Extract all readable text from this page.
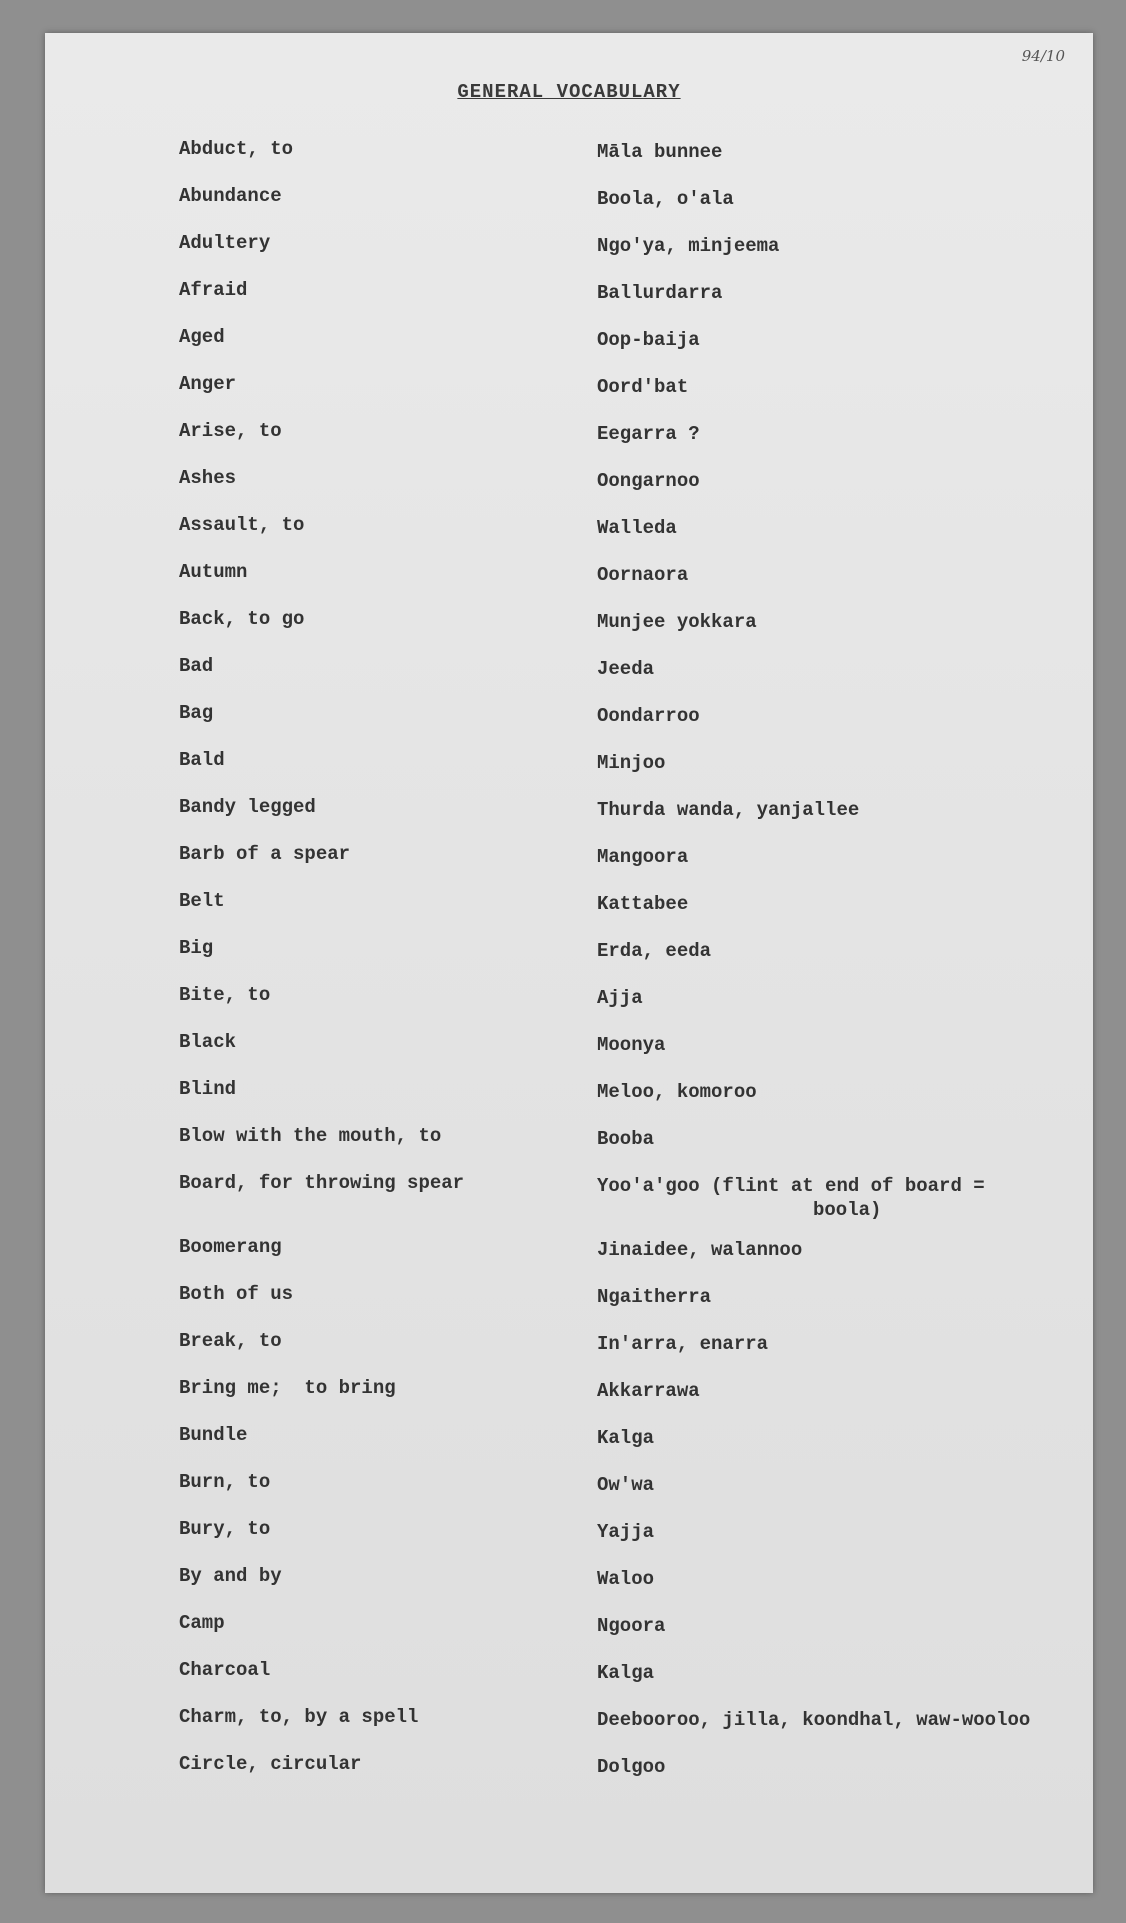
94/10
GENERAL VOCABULARY
Abduct, to	Māla bunnee
Abundance	Boola, o'ala
Adultery	Ngo'ya, minjeema
Afraid	Ballurdarra
Aged	Oop-baija
Anger	Oord'bat
Arise, to	Eegarra ?
Ashes	Oongarnoo
Assault, to	Walleda
Autumn	Oornaora
Back, to go	Munjee yokkara
Bad	Jeeda
Bag	Oondarroo
Bald	Minjoo
Bandy legged	Thurda wanda, yanjallee
Barb of a spear	Mangoora
Belt	Kattabee
Big	Erda, eeda
Bite, to	Ajja
Black	Moonya
Blind	Meloo, komoroo
Blow with the mouth, to	Booba
Board, for throwing spear	Yoo'a'goo (flint at end of board =
boola)
Boomerang	Jinaidee, walannoo
Both of us	Ngaitherra
Break, to	In'arra, enarra
Bring me;  to bring	Akkarrawa
Bundle	Kalga
Burn, to	Ow'wa
Bury, to	Yajja
By and by	Waloo
Camp	Ngoora
Charcoal	Kalga
Charm, to, by a spell	Deebooroo, jilla, koondhal, waw-wooloo
Circle, circular	Dolgoo
